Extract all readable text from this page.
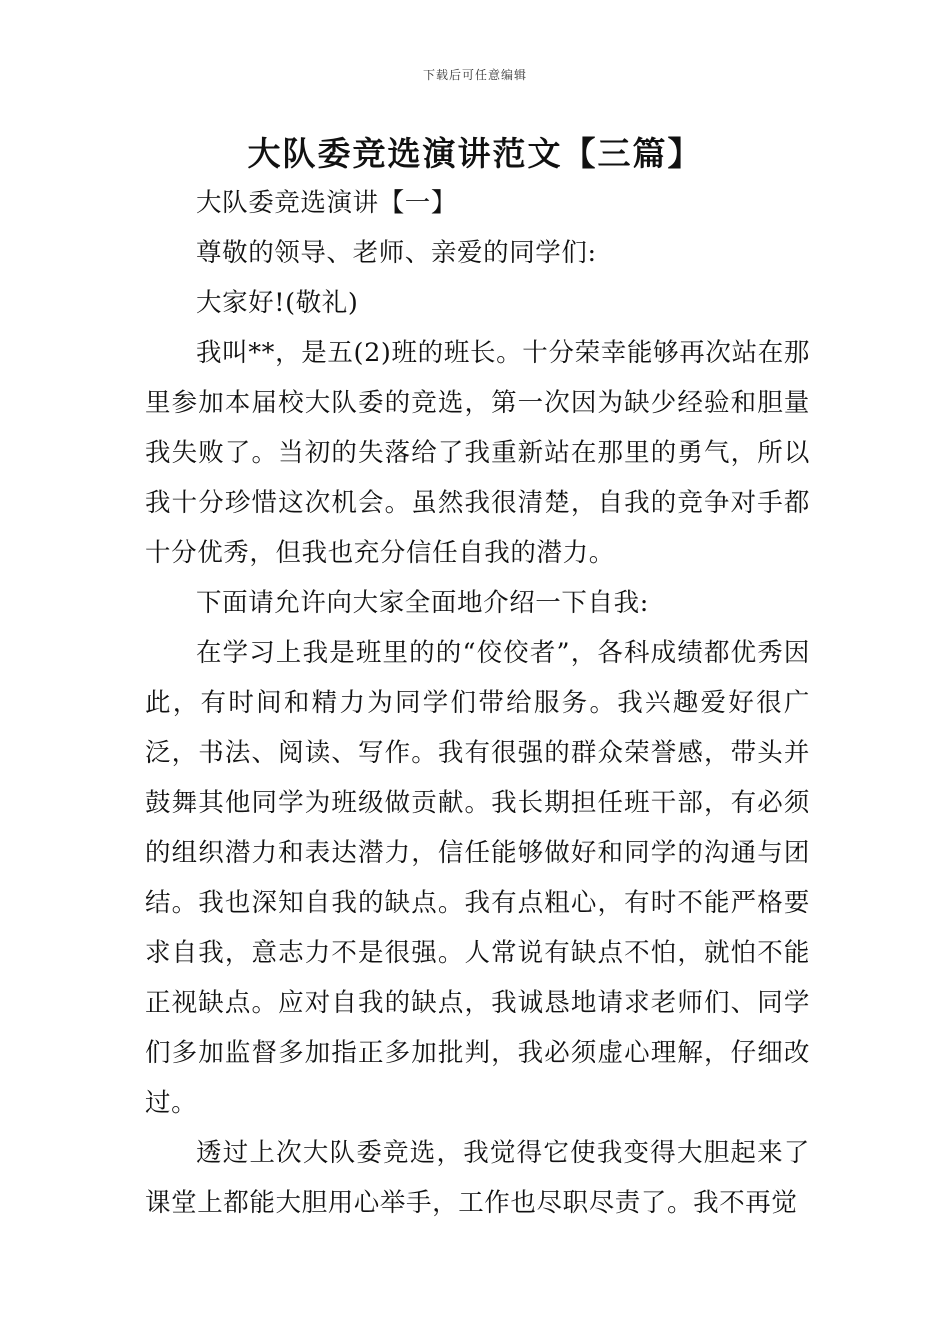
下载后可任意编辑
大队委竞选演讲范文【三篇】

大队委竞选演讲【一】

尊敬的领导、老师、亲爱的同学们:

大家好!(敬礼)

我叫**，是五(2)班的班长。十分荣幸能够再次站在那里参加本届校大队委的竞选，第一次因为缺少经验和胆量我失败了。当初的失落给了我重新站在那里的勇气，所以我十分珍惜这次机会。虽然我很清楚，自我的竞争对手都十分优秀，但我也充分信任自我的潜力。

下面请允许向大家全面地介绍一下自我:

在学习上我是班里的的“佼佼者”，各科成绩都优秀因此，有时间和精力为同学们带给服务。我兴趣爱好很广泛，书法、阅读、写作。我有很强的群众荣誉感，带头并鼓舞其他同学为班级做贡献。我长期担任班干部，有必须的组织潜力和表达潜力，信任能够做好和同学的沟通与团结。我也深知自我的缺点。我有点粗心，有时不能严格要求自我，意志力不是很强。人常说有缺点不怕，就怕不能正视缺点。应对自我的缺点，我诚恳地请求老师们、同学们多加监督多加指正多加批判，我必须虚心理解，仔细改过。

透过上次大队委竞选，我觉得它使我变得大胆起来了课堂上都能大胆用心举手，工作也尽职尽责了。我不再觉
